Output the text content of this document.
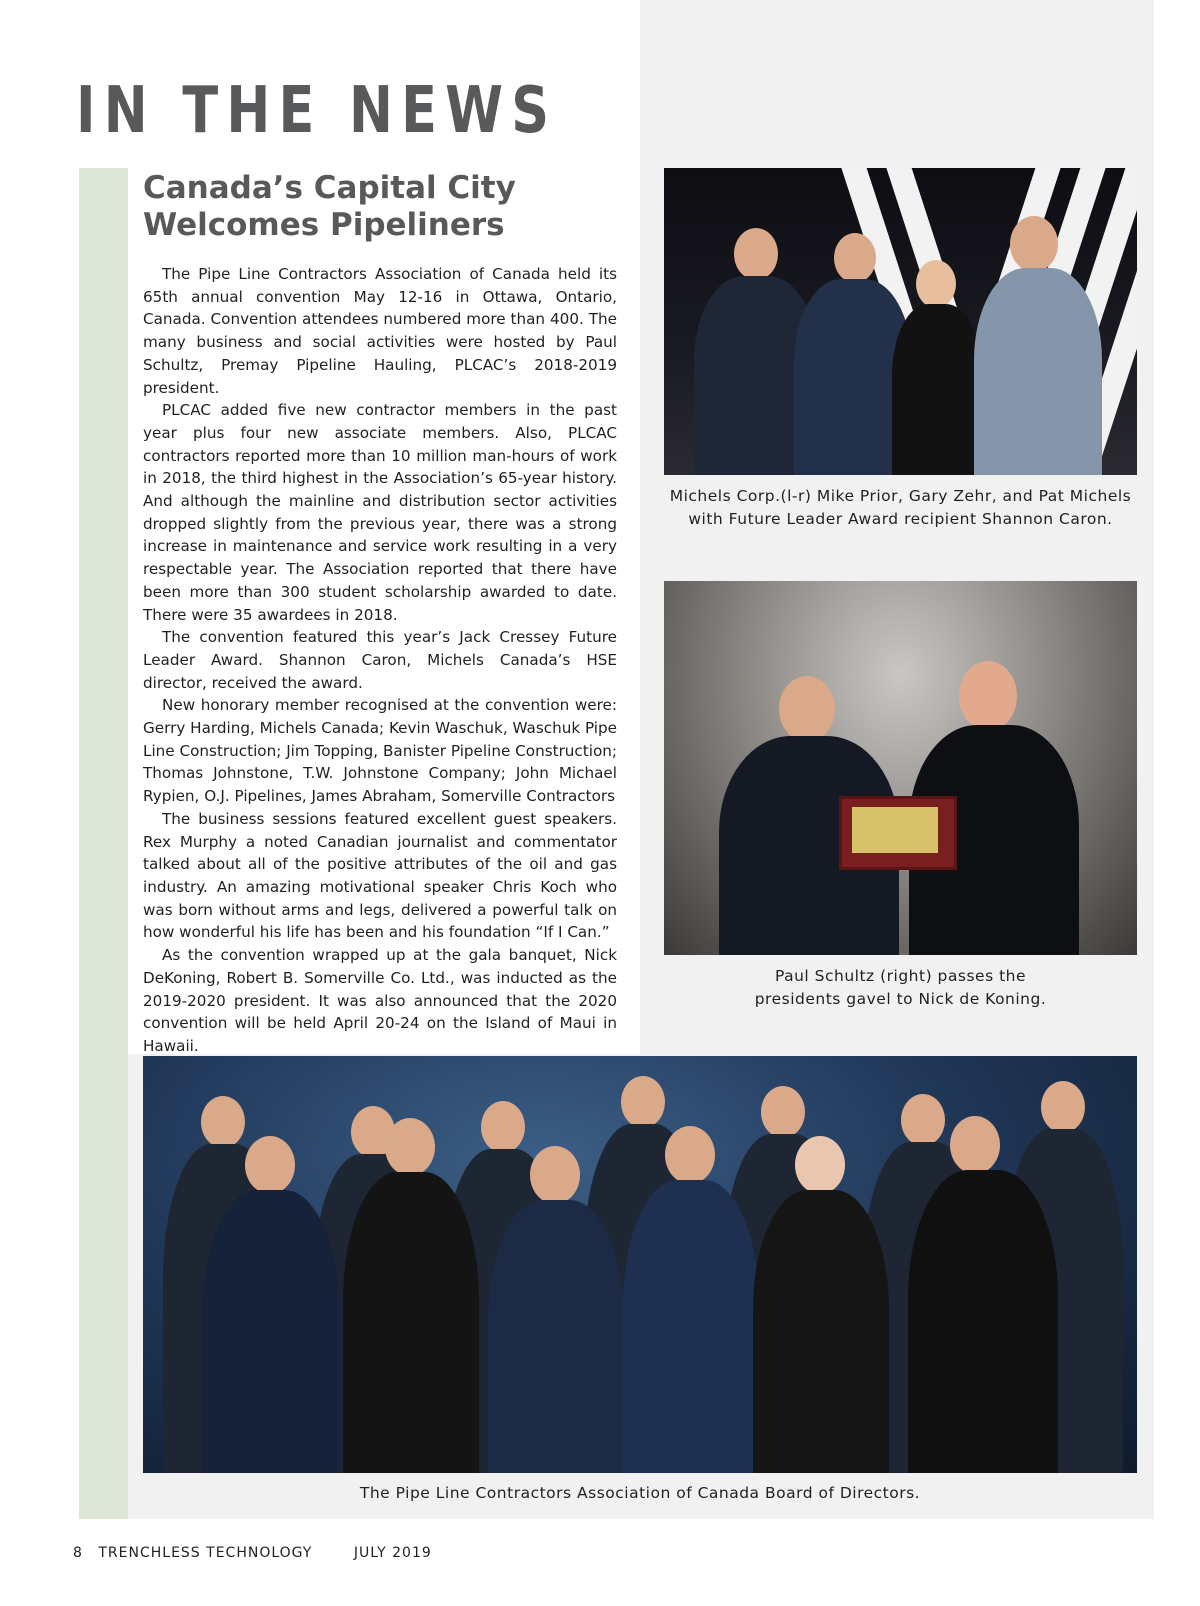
IN THE NEWS
Canada’s Capital City
Welcomes Pipeliners

The Pipe Line Contractors Association of Canada held its 65th annual convention May 12-16 in Ottawa, Ontario, Canada. Convention attendees numbered more than 400. The many business and social activities were hosted by Paul Schultz, Premay Pipeline Hauling, PLCAC’s 2018-2019 president.

PLCAC added five new contractor members in the past year plus four new associate members. Also, PLCAC contractors reported more than 10 million man-hours of work in 2018, the third highest in the Association’s 65-year history. And although the mainline and distribution sector activities dropped slightly from the previous year, there was a strong increase in maintenance and service work resulting in a very respectable year. The Association reported that there have been more than 300 student scholarship awarded to date. There were 35 awardees in 2018.

The convention featured this year’s Jack Cressey Future Leader Award. Shannon Caron, Michels Canada’s HSE director, received the award.

New honorary member recognised at the convention were: Gerry Harding, Michels Canada; Kevin Waschuk, Waschuk Pipe Line Construction; Jim Topping, Banister Pipeline Construction; Thomas Johnstone, T.W. Johnstone Company; John Michael Rypien, O.J. Pipelines, James Abraham, Somerville Contractors

The business sessions featured excellent guest speakers. Rex Murphy a noted Canadian journalist and commentator talked about all of the positive attributes of the oil and gas industry. An amazing motivational speaker Chris Koch who was born without arms and legs, delivered a powerful talk on how wonderful his life has been and his foundation “If I Can.”

As the convention wrapped up at the gala banquet, Nick DeKoning, Robert B. Somerville Co. Ltd., was inducted as the 2019-2020 president. It was also announced that the 2020 convention will be held April 20-24 on the Island of Maui in Hawaii.

Michels Corp.(l-r) Mike Prior, Gary Zehr, and Pat Michels
with Future Leader Award recipient Shannon Caron.

Paul Schultz (right) passes the
presidents gavel to Nick de Koning.

The Pipe Line Contractors Association of Canada Board of Directors.

8 TRENCHLESS TECHNOLOGY	JULY 2019
